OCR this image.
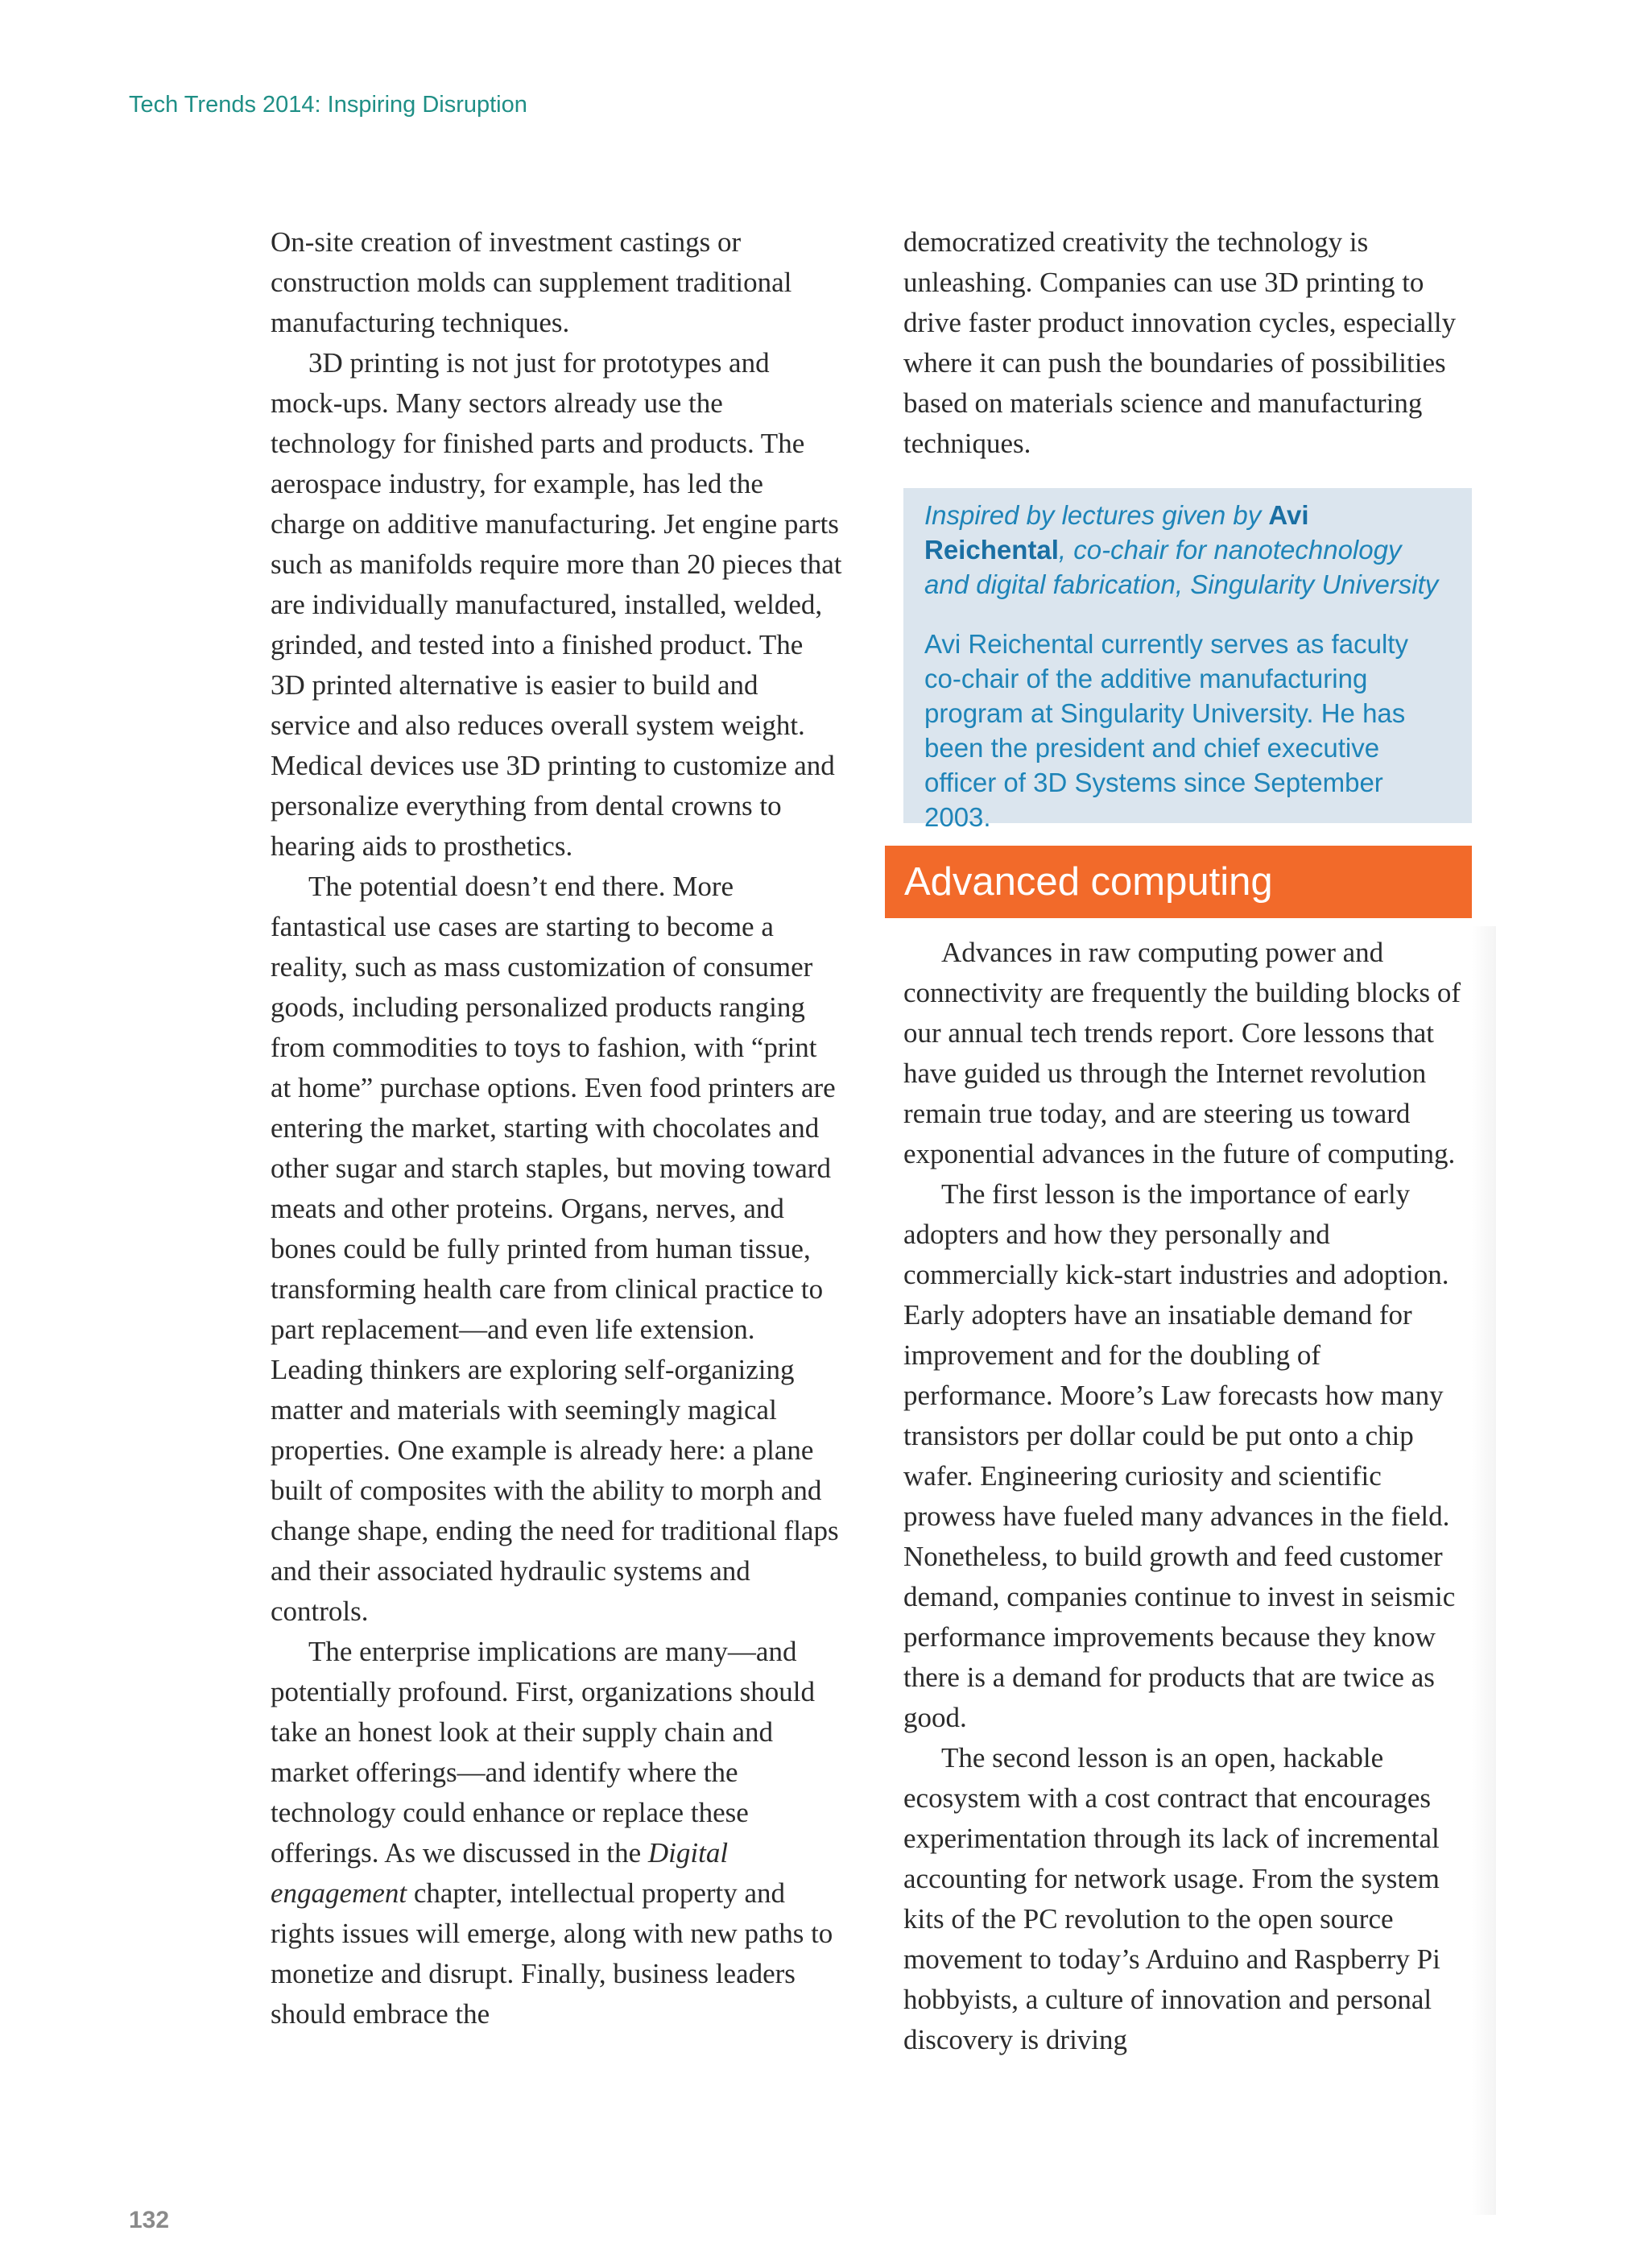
Tech Trends 2014: Inspiring Disruption

On-site creation of investment castings or construction molds can supplement traditional manufacturing techniques.

3D printing is not just for prototypes and mock-ups. Many sectors already use the technology for finished parts and products. The aerospace industry, for example, has led the charge on additive manufacturing. Jet engine parts such as manifolds require more than 20 pieces that are individually manufactured, installed, welded, grinded, and tested into a finished product. The 3D printed alternative is easier to build and service and also reduces overall system weight. Medical devices use 3D printing to customize and personalize everything from dental crowns to hearing aids to prosthetics.

The potential doesn’t end there. More fantastical use cases are starting to become a reality, such as mass customization of consumer goods, including personalized products ranging from commodities to toys to fashion, with “print at home” purchase options. Even food printers are entering the market, starting with chocolates and other sugar and starch staples, but moving toward meats and other proteins. Organs, nerves, and bones could be fully printed from human tissue, transforming health care from clinical practice to part replacement—and even life extension. Leading thinkers are exploring self-organizing matter and materials with seemingly magical properties. One example is already here: a plane built of composites with the ability to morph and change shape, ending the need for traditional flaps and their associated hydraulic systems and controls.

The enterprise implications are many—and potentially profound. First, organizations should take an honest look at their supply chain and market offerings—and identify where the technology could enhance or replace these offerings. As we discussed in the Digital engagement chapter, intellectual property and rights issues will emerge, along with new paths to monetize and disrupt. Finally, business leaders should embrace the

democratized creativity the technology is unleashing. Companies can use 3D printing to drive faster product innovation cycles, especially where it can push the boundaries of possibilities based on materials science and manufacturing techniques.

Inspired by lectures given by Avi Reichental, co-chair for nanotechnology and digital fabrication, Singularity University

Avi Reichental currently serves as faculty co-chair of the additive manufacturing program at Singularity University. He has been the president and chief executive officer of 3D Systems since September 2003.

Advanced computing

Advances in raw computing power and connectivity are frequently the building blocks of our annual tech trends report. Core lessons that have guided us through the Internet revolution remain true today, and are steering us toward exponential advances in the future of computing.

The first lesson is the importance of early adopters and how they personally and commercially kick-start industries and adoption. Early adopters have an insatiable demand for improvement and for the doubling of performance. Moore’s Law forecasts how many transistors per dollar could be put onto a chip wafer. Engineering curiosity and scientific prowess have fueled many advances in the field. Nonetheless, to build growth and feed customer demand, companies continue to invest in seismic performance improvements because they know there is a demand for products that are twice as good.

The second lesson is an open, hackable ecosystem with a cost contract that encourages experimentation through its lack of incremental accounting for network usage. From the system kits of the PC revolution to the open source movement to today’s Arduino and Raspberry Pi hobbyists, a culture of innovation and personal discovery is driving

132
